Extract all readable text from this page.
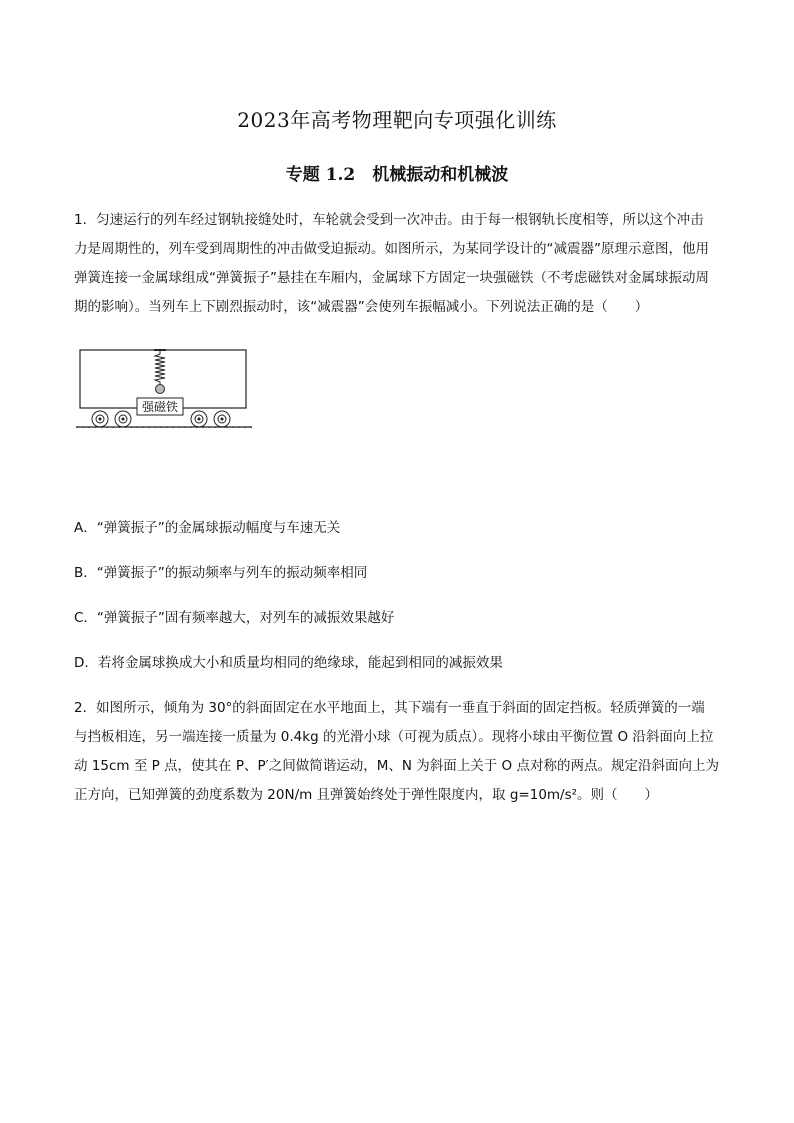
2023年高考物理靶向专项强化训练
专题 1.2　机械振动和机械波
1．匀速运行的列车经过钢轨接缝处时，车轮就会受到一次冲击。由于每一根钢轨长度相等，所以这个冲击
力是周期性的，列车受到周期性的冲击做受迫振动。如图所示，为某同学设计的“减震器”原理示意图，他用
弹簧连接一金属球组成“弹簧振子”悬挂在车厢内，金属球下方固定一块强磁铁（不考虑磁铁对金属球振动周
期的影响）。当列车上下剧烈振动时，该“减震器”会使列车振幅减小。下列说法正确的是（　　）
强磁铁
A．“弹簧振子”的金属球振动幅度与车速无关
B．“弹簧振子”的振动频率与列车的振动频率相同
C．“弹簧振子”固有频率越大，对列车的减振效果越好
D．若将金属球换成大小和质量均相同的绝缘球，能起到相同的减振效果
2．如图所示，倾角为 30°的斜面固定在水平地面上，其下端有一垂直于斜面的固定挡板。轻质弹簧的一端
与挡板相连，另一端连接一质量为 0.4kg 的光滑小球（可视为质点）。现将小球由平衡位置 O 沿斜面向上拉
动 15cm 至 P 点，使其在 P、P′之间做简谐运动，M、N 为斜面上关于 O 点对称的两点。规定沿斜面向上为
正方向，已知弹簧的劲度系数为 20N/m 且弹簧始终处于弹性限度内，取 g=10m/s²。则（　　）
